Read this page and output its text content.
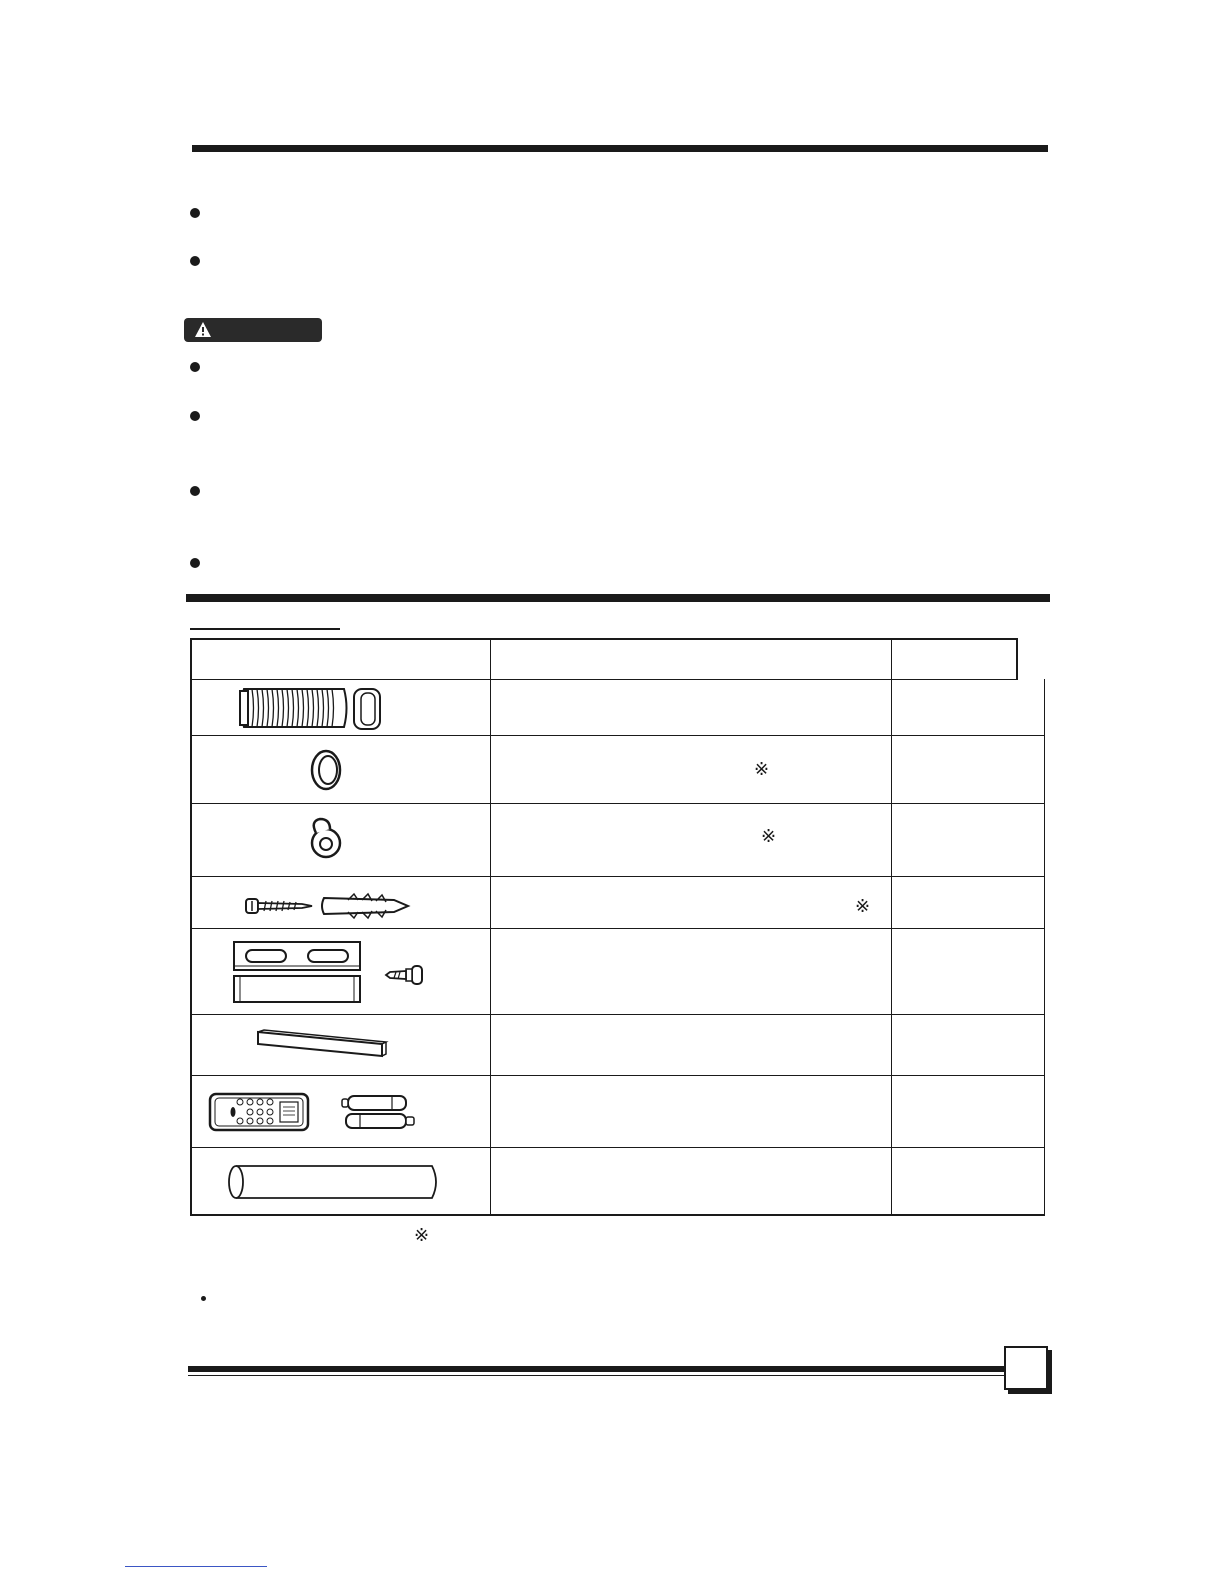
※
※
※
※
